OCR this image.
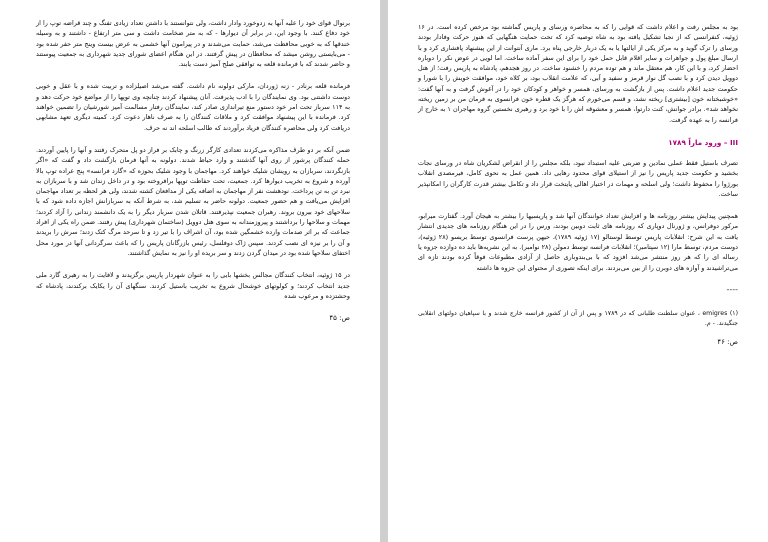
برنوال قوای خود را علیه آنها به زدوخورد وادار داشت، ولی نتوانستند با داشتن تعداد زیادی تفنگ و چند قراضه توپ را از خود دفاع کنند. با وجود این، در برابر آن دیوارها - که به متر ضخامت داشت و سی متر ارتفاع - داشتند و به وسیله خندقها که به خوبی محافظت می‌شد، حمایت می‌شدند و در پیرامون آنها خشمی به عرض بیست وینج متر حفر شده بود - می‌بایستی روشن میشد که محافظان در پیش گرفتند. در این هنگام اعضای شورای جدید شهرداری به جمعیت پیوستند و حاضر شدند که با فرمانده قلعه به توافقی صلح آمیز دست یابند.

فرمانده قلعه برنادر - زنه ژوردان، مارکی دولونه نام داشت. گفته می‌شد اصیلزاده و تربیت شده و با عقل و خوبی دوست داشتنی بود. وی نمایندگان را با ادب پذیرفت. آنان پیشنهاد کردند چنانچه وی توپها را از مواضع خود حرکت دهد و به ۱۱۴ سرباز تحت امر خود دستور منع تیراندازی صادر کند، نمایندگان رفتار مسالمت آمیز شورشیان را تضمین خواهند کرد. فرمانده با این پیشنهاد موافقت کرد و ملاقات کنندگان را به صرف ناهار دعوت کرد. کمیته دیگری تعهد مشابهی دریافت کرد ولی محاصره کنندگان فریاد برآوردند که طالب اسلحه اند نه حرف.

ضمن آنکه بر دو طرف مذاکره می‌کردند تعدادی کارگر زرنگ و چابک بر فراز دو پل متحرک رفتند و آنها را پایین آوردند. حمله کنندگان پرشور از روی آنها گذشتند و وارد حیاط شدند. دولونه به آنها فرمان بازگشت داد و گفت که «اگر بازنگردند، سربازان به رویشان شلیک خواهند کرد. مهاجمان با وجود شلیک بحوزه که «گارد فرانسه» پنج عراده توپ بالا آورده و شروع به تخریب دیوارها کرد. جمعیت، تحت حفاظت توپها برافروخته بود و در داخل زندان شد و با سربازان به نبرد تن به تن پرداخت. نودهشت نفر از مهاجمان به اضافه یکی از مدافعان کشته شدند، ولی هر لحظه بر تعداد مهاجمان افزایش می‌یافت و هم حضور جمعیت. دولونه حاضر به تسلیم شد، به شرط آنکه به سربازانش اجازه داده شود که با سلاحهای خود بیرون بروند. رهبران جمعیت نپذیرفتند. قاتلان شدن سربار دیگر را به یک دانشمند زندانی را آزاد کردند؛ مهمات و سلاحها را برداشتند و پیروزمندانه به سوی هتل دوویل (ساختمان شهرداری) پیش رفتند. ضمن راه یکی از افراد جماعت که بر اثر صدمات وارده خشمگین شده بود، آن اشراف را با تیر زد و تا سرحد مرگ کتک زدند؛ سرش را بریدند و آن را بر نیزه ای نصب کردند. سپس ژاک دوفلسل، رئیس بازرگانان پاریس را که باعث سرگردانی آنها در مورد محل اختفای سلاحها شده بود در میدان گردن زدند و سر بریده او را نیز به نمایش گذاشتند.

در ۱۵ ژوئیه، انتخاب کنندگان مجالس بخشها بایی را به عنوان شهردار پاریس برگزیدند و لافایت را به رهبری گارد ملی جدید انتخاب کردند؛ و کولوتهای خوشحال شروع به تخریب باستیل کردند. سنگهای آن را یکایک برکندند، پادشاه که وحشتزده و مرعوب شده

ص: ۴۵

بود به مجلس رفت و اعلام داشت که قوایی را که به محاصره ورسای و پاریس گماشته بود مرخص کرده است. در ۱۶ ژوئیه، کنفرانسی که از نجبا تشکیل یافته بود به شاه توصیه کرد که تحت حمایت هنگهایی که هنوز حرکت وفادار بودند ورسای را ترک گوید و به مرکز یکی از ایالتها یا به یک دربار خارجی پناه برد. ماری آنتوانت از این پیشنهاد پافشاری کرد و با ارسال مبلغ پول و جواهرات و سایر اقلام قابل حمل خود را برای این سفر آماده ساخت. اما لویی در عوض نکر را دوباره احضار کرد، و با این کار، هم معتقل ماند و هم توده مردم را خشنود ساخت. در روز هجدهم، پادشاه به پاریس رفت؛ از هتل دوویل دیدن کرد و با نصب گل نوار قرمز و سفید و آبی، که علامت انقلاب بود، بر کلاه خود، موافقت خویش را با شورا و حکومت جدید اعلام داشت. پس از بازگشت به ورسای، همسر و خواهر و کودکان خود را در آغوش گرفت و به آنها گفت: «خوشبختانه خون [بیشتری] ریخته نشد، و قسم می‌خورم که هرگز یک قطره خون فرانسوی به فرمان من بر زمین ریخته نخواهد شد». برادر جوانش، کنت دارتوا، همسر و معشوقه اش را با خود برد و رهبری نخستین گروه مهاجران ۱ به خارج از فرانسه را به عهده گرفت.

III – ورود ماراً ۱۷۸۹

تصرف باستیل فقط عملی نمادین و ضربتی علیه استبداد نبود، بلکه مجلس را از انقراض لشکریان شاه در ورسای نجات بخشید و حکومت جدید پاریس را نیز از استیلای قوای محدود رهایی داد. همین عمل به نحوی کامل، فیرمصدی انقلاب بورژوا را محفوظ داشت؛ ولی اسلحه و مهمات در اختیار اهالی پایتخت قرار داد و تکامل بیشتر قدرت کارگران را امکانپذیر ساخت.

همچنین پیدایش بیشتر روزنامه ها و افزایش تعداد خوانندگان آنها شد و پاریسیها را بیشتر به هیجان آورد. گفتارت میرابو، مرکور دوفرانس، و ژورنال دوپاری که روزنامه های ثابت دوبین بودند، ورس را در این هنگام روزنامه های جدیدی انتشار یافت به این شرح: انقلابات پاریس توسط لوستالو (۱۷ ژوئیه ۱۷۸۹)، حیهن پرست فرانسوی توسط بریسو (۲۸ ژوئیه)، دوست مردم، توسط مارا (۱۲ سپتامبر)؛ انقلابات فرانسه توسط دمولن (۲۸ نوامبر). به این نشریه‌ها باید ده دوازده جزوه یا رساله ای را که هر روز منتشر می‌شد افزود که با بی‌بندوباری حاصل از آزادی مطبوعات فوقاً کرده بودند تازه ای می‌تراشیدند و آوازه های دوبرن را از بین می‌بردند. برای اینکه تصوری از محتوای این جزوه ها داشته

----

(۱) emigres ، عنوان سلطنت طلبانی که در ۱۷۸۹ و پس از آن از کشور فرانسه خارج شدند و با سپاهیان دولتهای انقلابی جنگیدند. - م.

ص: ۴۶
